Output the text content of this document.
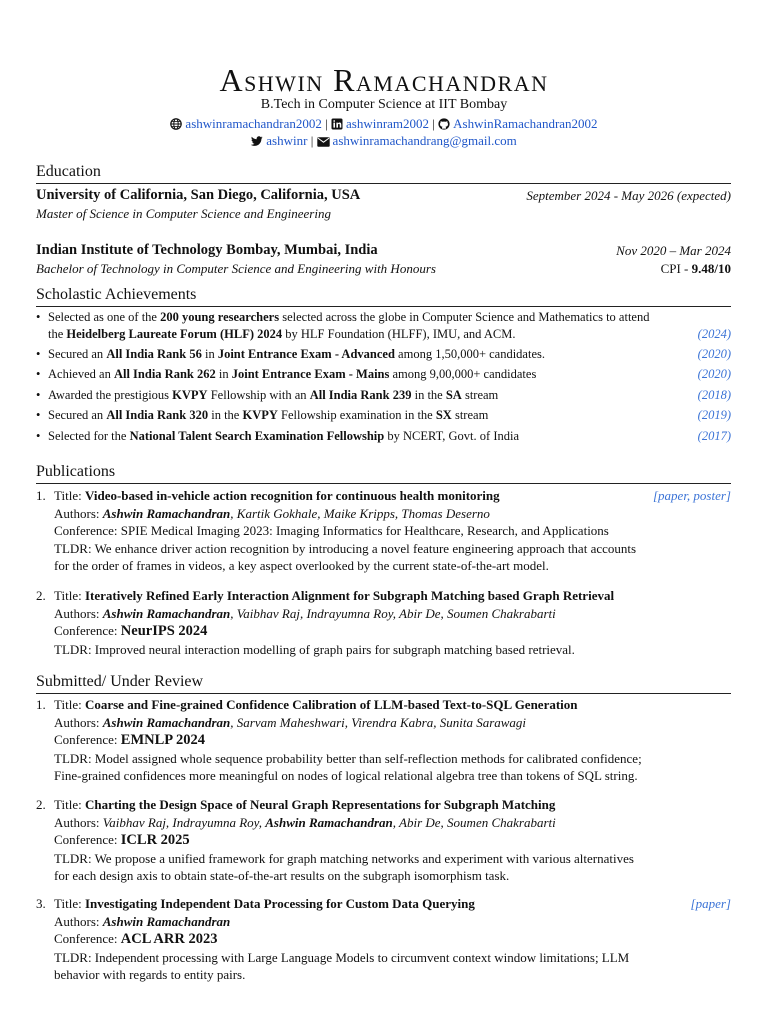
Ashwin Ramachandran
B.Tech in Computer Science at IIT Bombay
ashwinramachandran2002 | ashwinram2002 | AshwinRamachandran2002
ashwinr | ashwinramachandrang@gmail.com
Education
University of California, San Diego, California, USA	September 2024 - May 2026 (expected)
Master of Science in Computer Science and Engineering
Indian Institute of Technology Bombay, Mumbai, India	Nov 2020 – Mar 2024
Bachelor of Technology in Computer Science and Engineering with Honours	CPI - 9.48/10
Scholastic Achievements
• Selected as one of the 200 young researchers selected across the globe in Computer Science and Mathematics to attend
the Heidelberg Laureate Forum (HLF) 2024 by HLF Foundation (HLFF), IMU, and ACM.	(2024)
• Secured an All India Rank 56 in Joint Entrance Exam - Advanced among 1,50,000+ candidates.	(2020)
• Achieved an All India Rank 262 in Joint Entrance Exam - Mains among 9,00,000+ candidates	(2020)
• Awarded the prestigious KVPY Fellowship with an All India Rank 239 in the SA stream	(2018)
• Secured an All India Rank 320 in the KVPY Fellowship examination in the SX stream	(2019)
• Selected for the National Talent Search Examination Fellowship by NCERT, Govt. of India	(2017)
Publications
1. Title: Video-based in-vehicle action recognition for continuous health monitoring
Authors: Ashwin Ramachandran, Kartik Gokhale, Maike Kripps, Thomas Deserno
Conference: SPIE Medical Imaging 2023: Imaging Informatics for Healthcare, Research, and Applications
TLDR: We enhance driver action recognition by introducing a novel feature engineering approach that accounts
for the order of frames in videos, a key aspect overlooked by the current state-of-the-art model.
[paper, poster]
2. Title: Iteratively Refined Early Interaction Alignment for Subgraph Matching based Graph Retrieval
Authors: Ashwin Ramachandran, Vaibhav Raj, Indrayumna Roy, Abir De, Soumen Chakrabarti
Conference: NeurIPS 2024
TLDR: Improved neural interaction modelling of graph pairs for subgraph matching based retrieval.
Submitted/ Under Review
1. Title: Coarse and Fine-grained Confidence Calibration of LLM-based Text-to-SQL Generation
Authors: Ashwin Ramachandran, Sarvam Maheshwari, Virendra Kabra, Sunita Sarawagi
Conference: EMNLP 2024
TLDR: Model assigned whole sequence probability better than self-reflection methods for calibrated confidence;
Fine-grained confidences more meaningful on nodes of logical relational algebra tree than tokens of SQL string.
2. Title: Charting the Design Space of Neural Graph Representations for Subgraph Matching
Authors: Vaibhav Raj, Indrayumna Roy, Ashwin Ramachandran, Abir De, Soumen Chakrabarti
Conference: ICLR 2025
TLDR: We propose a unified framework for graph matching networks and experiment with various alternatives
for each design axis to obtain state-of-the-art results on the subgraph isomorphism task.
3. Title: Investigating Independent Data Processing for Custom Data Querying
Authors: Ashwin Ramachandran
Conference: ACL ARR 2023
TLDR: Independent processing with Large Language Models to circumvent context window limitations; LLM
behavior with regards to entity pairs.
[paper]
